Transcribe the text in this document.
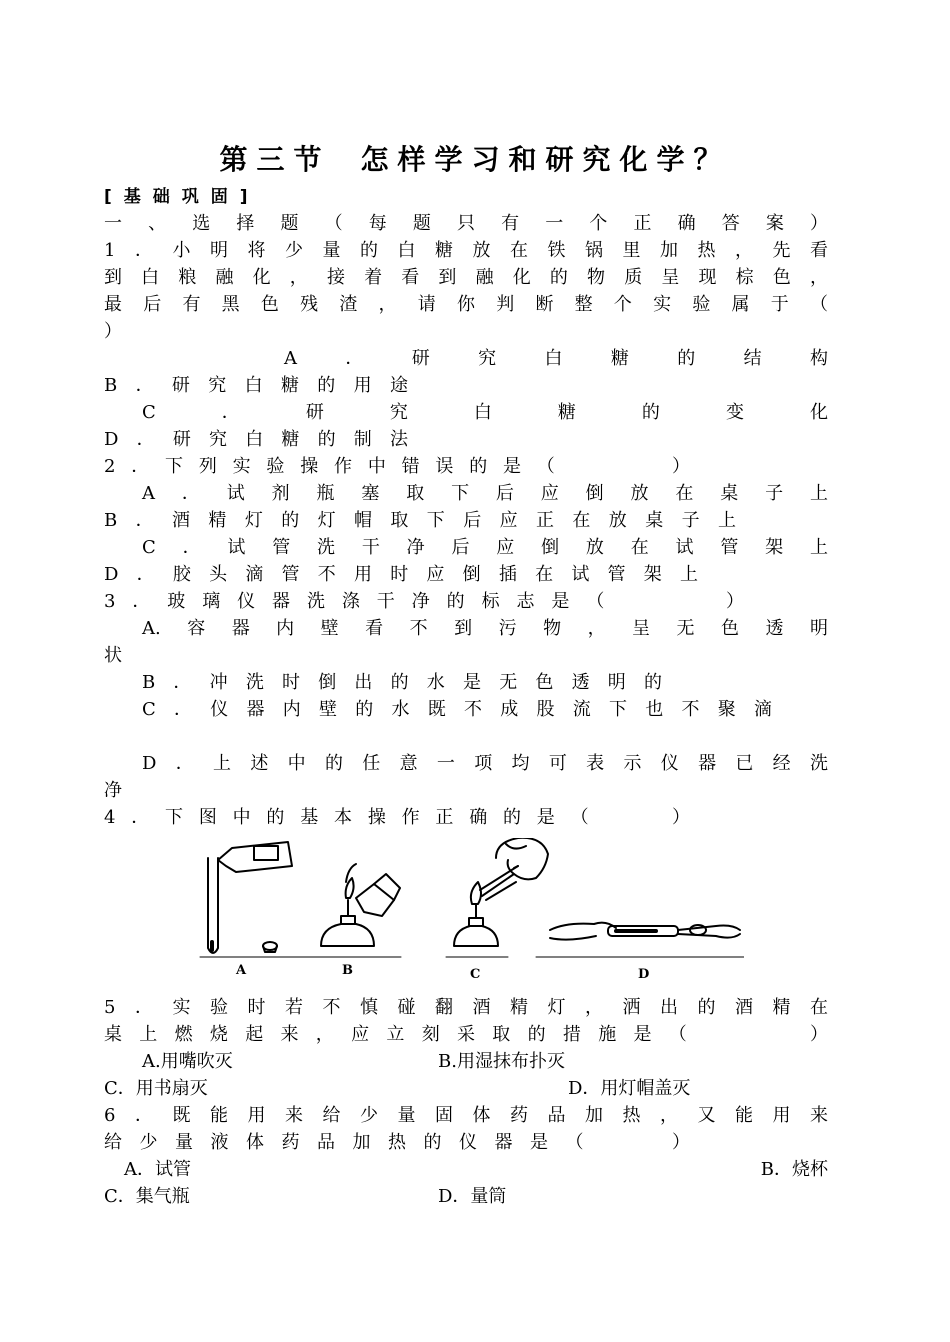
第三节 怎样学习和研究化学？
[基础巩固]
一、选择题（每题只有一个正确答案）
1．小明将少量的白糖放在铁锅里加热，先看
到白粮融化，接着看到融化的物质呈现棕色，
最后有黑色残渣，请你判断整个实验属于（
）
A．研究白糖的结构
B．研究白糖的用途
C．研究白糖的变化
D．研究白糖的制法
2．下列实验操作中错误的是（　　　）
A．试剂瓶塞取下后应倒放在桌子上
B．酒精灯的灯帽取下后应正在放桌子上
C．试管洗干净后应倒放在试管架上
D．胶头滴管不用时应倒插在试管架上
3．玻璃仪器洗涤干净的标志是（　　　）
A.容器内壁看不到污物，呈无色透明
状
B．冲洗时倒出的水是无色透明的
C．仪器内壁的水既不成股流下也不聚滴
D．上述中的任意一项均可表示仪器已经洗
净
4．下图中的基本操作正确的是（　　）
A	B	C	D
5．实验时若不慎碰翻酒精灯，洒出的酒精在
桌上燃烧起来，应立刻采取的措施是（　　　）
A.用嘴吹灭	B.用湿抹布扑灭
C．用书扇灭	D．用灯帽盖灭
6．既能用来给少量固体药品加热，又能用来
给少量液体药品加热的仪器是（　　）
A．试管	B．烧杯
C．集气瓶	D．量筒
